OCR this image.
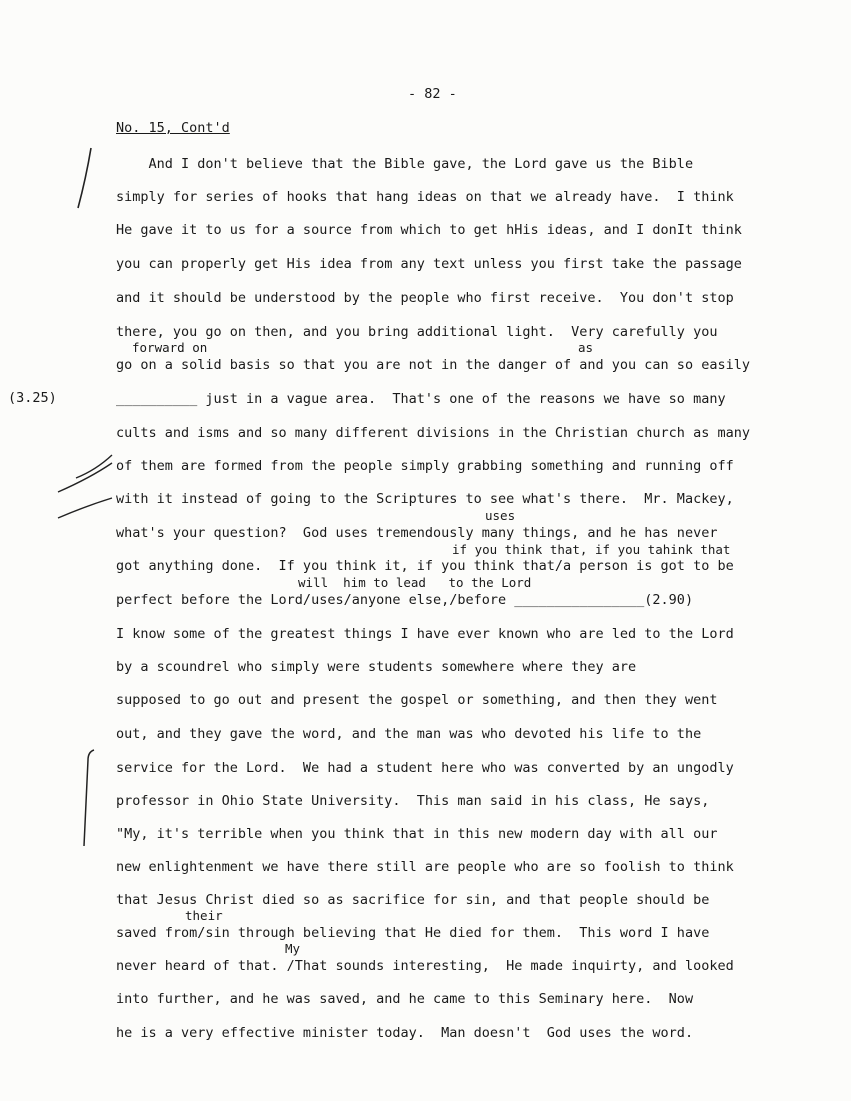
- 82 -
No. 15, Cont'd
(3.25)
And I don't believe that the Bible gave, the Lord gave us the Bible
simply for series of hooks that hang ideas on that we already have.  I think
He gave it to us for a source from which to get hHis ideas, and I donIt think
you can properly get His idea from any text unless you first take the passage
and it should be understood by the people who first receive.  You don't stop
there, you go on then, and you bring additional light.  Very carefully you
forward on	as
go on a solid basis so that you are not in the danger of and you can so easily
__________ just in a vague area.  That's one of the reasons we have so many
cults and isms and so many different divisions in the Christian church as many
of them are formed from the people simply grabbing something and running off
with it instead of going to the Scriptures to see what's there.  Mr. Mackey,
uses
what's your question?  God uses tremendously many things, and he has never
if you think that, if you tahink that
got anything done.  If you think it, if you think that/a person is got to be
will  him to lead   to the Lord
perfect before the Lord/uses/anyone else,/before ________________(2.90)
I know some of the greatest things I have ever known who are led to the Lord
by a scoundrel who simply were students somewhere where they are
supposed to go out and present the gospel or something, and then they went
out, and they gave the word, and the man was who devoted his life to the
service for the Lord.  We had a student here who was converted by an ungodly
professor in Ohio State University.  This man said in his class, He says,
"My, it's terrible when you think that in this new modern day with all our
new enlightenment we have there still are people who are so foolish to think
that Jesus Christ died so as sacrifice for sin, and that people should be
their
saved from/sin through believing that He died for them.  This word I have
My
never heard of that. /That sounds interesting,  He made inquirty, and looked
into further, and he was saved, and he came to this Seminary here.  Now
he is a very effective minister today.  Man doesn't  God uses the word.
